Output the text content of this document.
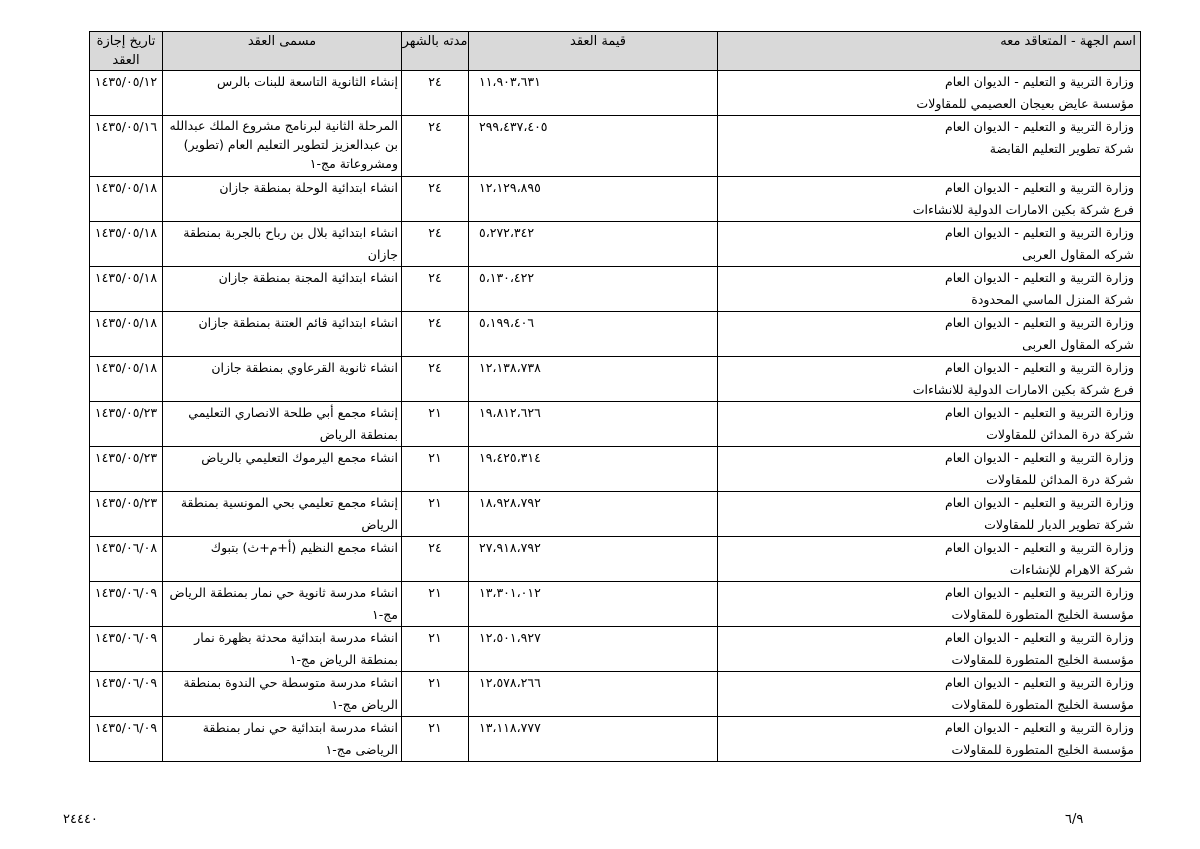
اسم الجهة - المتعاقد معه	قيمة العقد	مدته بالشهر	مسمى العقد	تاريخ إجازة العقد

وزارة التربية و التعليم - الديوان العام
مؤسسة عايض بعيجان العصيمي للمقاولات	١١،٩٠٣،٦٣١	٢٤	إنشاء الثانوية التاسعة للبنات بالرس	١٤٣٥/٠٥/١٢

وزارة التربية و التعليم - الديوان العام
شركة تطوير التعليم القابضة	٢٩٩،٤٣٧،٤٠٥	٢٤	المرحلة الثانية لبرنامج مشروع الملك عبدالله بن عبدالعزيز لتطوير التعليم العام (تطوير) ومشروعاتة مج-١	١٤٣٥/٠٥/١٦

وزارة التربية و التعليم - الديوان العام
فرع شركة بكين الامارات الدولية للانشاءات	١٢،١٢٩،٨٩٥	٢٤	انشاء ابتدائية الوحلة بمنطقة جازان	١٤٣٥/٠٥/١٨

وزارة التربية و التعليم - الديوان العام
شركه المقاول العربى	٥،٢٧٢،٣٤٢	٢٤	انشاء ابتدائية بلال بن رباح بالجربة بمنطقة جازان	١٤٣٥/٠٥/١٨

وزارة التربية و التعليم - الديوان العام
شركة المنزل الماسي المحدودة	٥،١٣٠،٤٢٢	٢٤	انشاء ابتدائية المجنة بمنطقة جازان	١٤٣٥/٠٥/١٨

وزارة التربية و التعليم - الديوان العام
شركه المقاول العربى	٥،١٩٩،٤٠٦	٢٤	انشاء ابتدائية قائم العتنة بمنطقة جازان	١٤٣٥/٠٥/١٨

وزارة التربية و التعليم - الديوان العام
فرع شركة بكين الامارات الدولية للانشاءات	١٢،١٣٨،٧٣٨	٢٤	انشاء ثانوية القرعاوي بمنطقة جازان	١٤٣٥/٠٥/١٨

وزارة التربية و التعليم - الديوان العام
شركة درة المدائن للمقاولات	١٩،٨١٢،٦٢٦	٢١	إنشاء مجمع أبي طلحة الانصاري التعليمي بمنطقة الرياض	١٤٣٥/٠٥/٢٣

وزارة التربية و التعليم - الديوان العام
شركة درة المدائن للمقاولات	١٩،٤٢٥،٣١٤	٢١	انشاء مجمع اليرموك التعليمي بالرياض	١٤٣٥/٠٥/٢٣

وزارة التربية و التعليم - الديوان العام
شركة تطوير الديار للمقاولات	١٨،٩٢٨،٧٩٢	٢١	إنشاء مجمع تعليمي بحي المونسية بمنطقة الرياض	١٤٣٥/٠٥/٢٣

وزارة التربية و التعليم - الديوان العام
شركة الاهرام للإنشاءات	٢٧،٩١٨،٧٩٢	٢٤	انشاء مجمع النظيم (أ+م+ث) بتبوك	١٤٣٥/٠٦/٠٨

وزارة التربية و التعليم - الديوان العام
مؤسسة الخليج المتطورة للمقاولات	١٣،٣٠١،٠١٢	٢١	انشاء مدرسة ثانوية حي نمار بمنطقة الرياض مج-١	١٤٣٥/٠٦/٠٩

وزارة التربية و التعليم - الديوان العام
مؤسسة الخليج المتطورة للمقاولات	١٢،٥٠١،٩٢٧	٢١	انشاء مدرسة ابتدائية محدثة بظهرة نمار بمنطقة الرياض مج-١	١٤٣٥/٠٦/٠٩

وزارة التربية و التعليم - الديوان العام
مؤسسة الخليج المتطورة للمقاولات	١٢،٥٧٨،٢٦٦	٢١	انشاء مدرسة متوسطة حي الندوة بمنطقة الرياض مج-١	١٤٣٥/٠٦/٠٩

وزارة التربية و التعليم - الديوان العام
مؤسسة الخليج المتطورة للمقاولات	١٣،١١٨،٧٧٧	٢١	انشاء مدرسة ابتدائية حي نمار بمنطقة الرياضى مج-١	١٤٣٥/٠٦/٠٩
٢٤٤٤٠	٦/٩
